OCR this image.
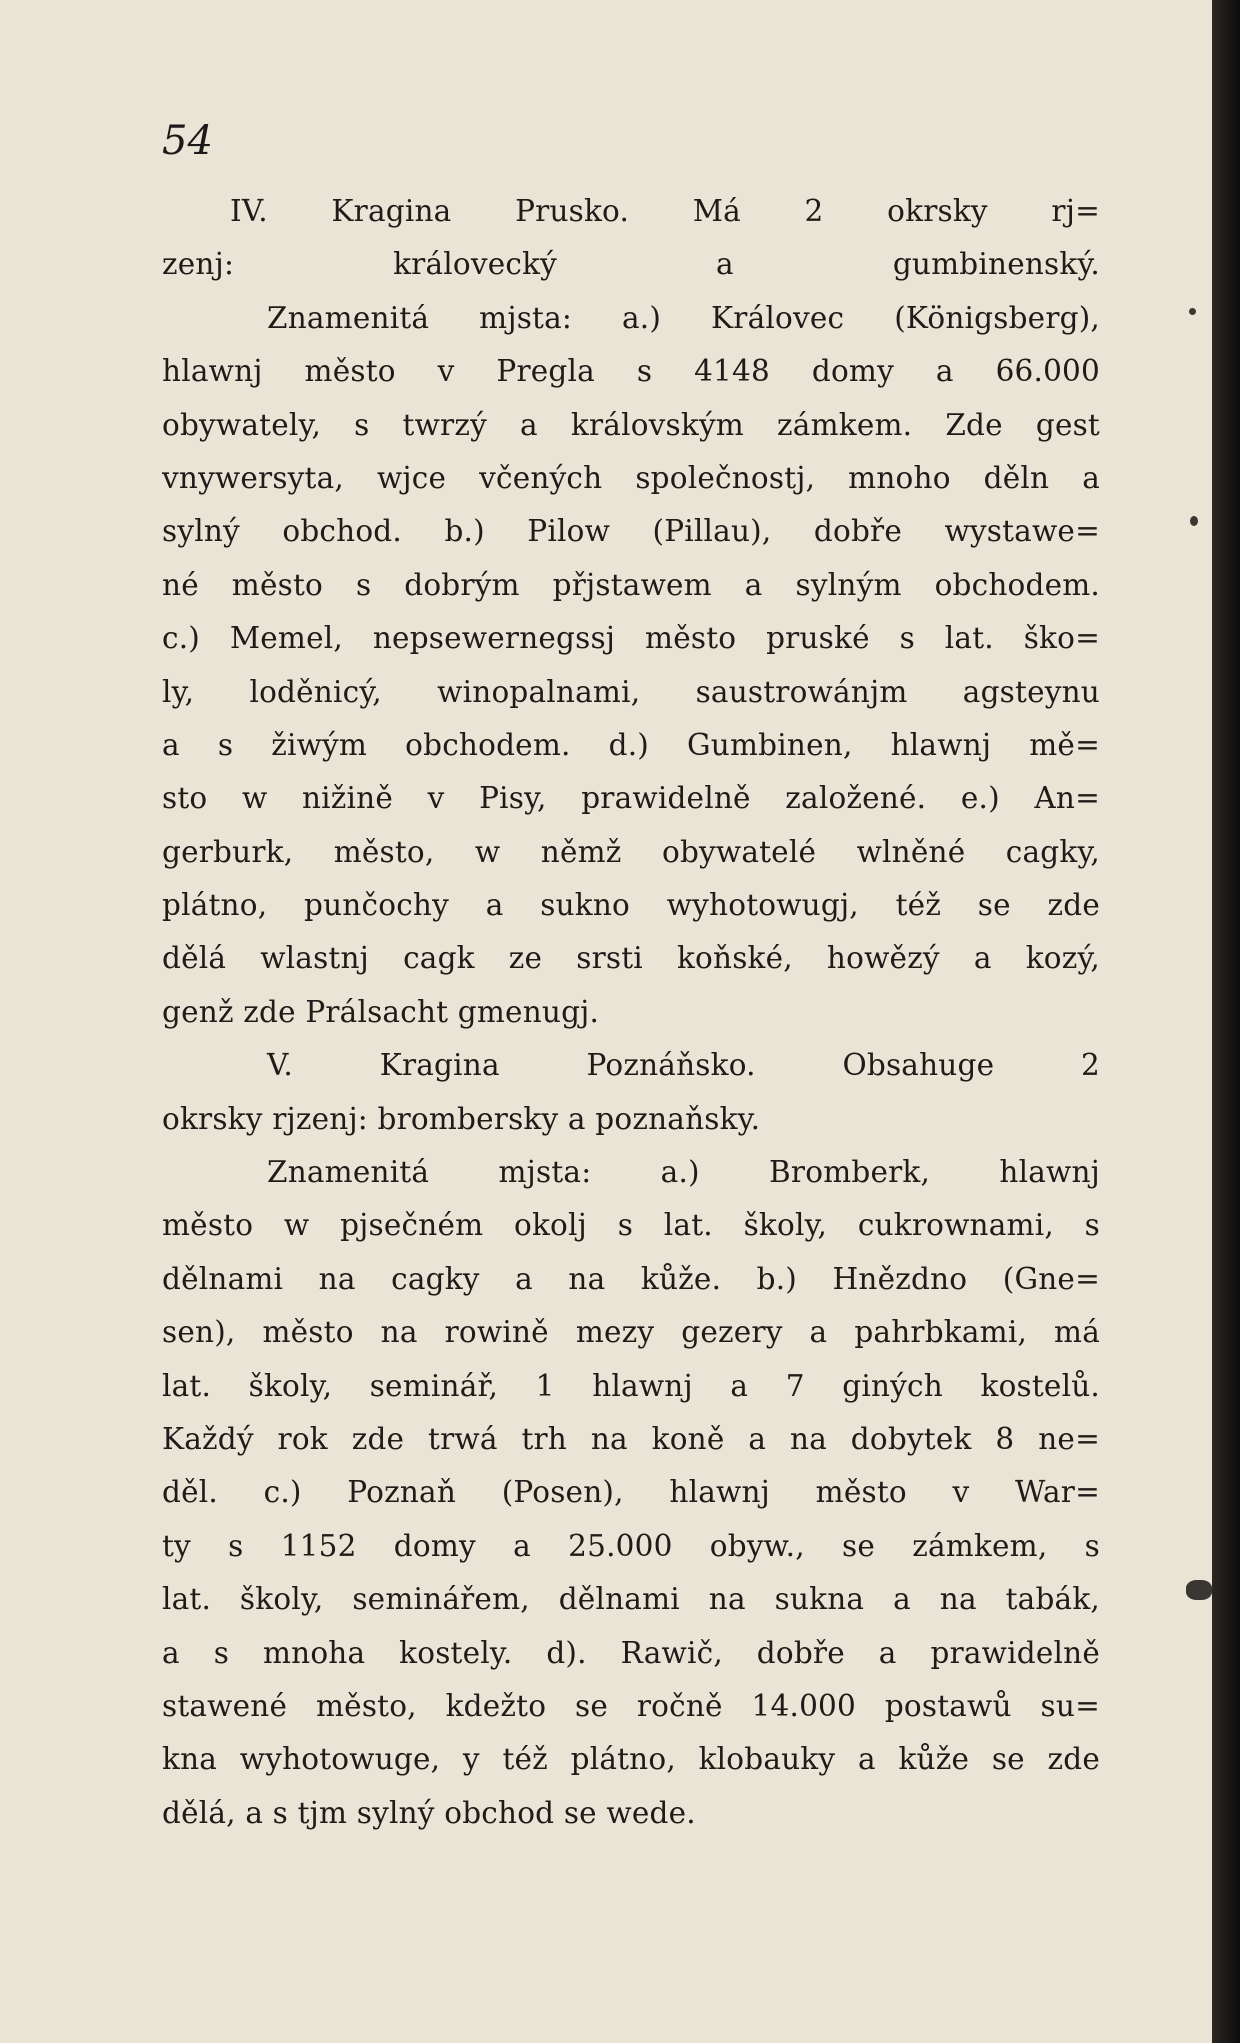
54
IV. Kragina Prusko. Má 2 okrsky rj=
zenj: královecký a gumbinenský.
Znamenitá mjsta: a.) Královec (Königsberg),
hlawnj město v Pregla s 4148 domy a 66.000
obywately, s twrzý a královským zámkem. Zde gest
vnywersyta, wjce včených společnostj, mnoho děln a
sylný obchod. b.) Pilow (Pillau), dobře wystawe=
né město s dobrým přjstawem a sylným obchodem.
c.) Memel, nepsewernegssj město pruské s lat. ško=
ly, loděnicý, winopalnami, saustrowánjm agsteynu
a s žiwým obchodem. d.) Gumbinen, hlawnj mě=
sto w nižině v Pisy, prawidelně založené. e.) An=
gerburk, město, w němž obywatelé wlněné cagky,
plátno, punčochy a sukno wyhotowugj, též se zde
dělá wlastnj cagk ze srsti koňské, howězý a kozý,
genž zde Prálsacht gmenugj.
V. Kragina Poznáňsko. Obsahuge 2
okrsky rjzenj: brombersky a poznaňsky.
Znamenitá mjsta: a.) Bromberk, hlawnj
město w pjsečném okolj s lat. školy, cukrownami, s
dělnami na cagky a na kůže. b.) Hnězdno (Gne=
sen), město na rowině mezy gezery a pahrbkami, má
lat. školy, seminář, 1 hlawnj a 7 giných kostelů.
Každý rok zde trwá trh na koně a na dobytek 8 ne=
děl. c.) Poznaň (Posen), hlawnj město v War=
ty s 1152 domy a 25.000 obyw., se zámkem, s
lat. školy, seminářem, dělnami na sukna a na tabák,
a s mnoha kostely. d). Rawič, dobře a prawidelně
stawené město, kdežto se ročně 14.000 postawů su=
kna wyhotowuge, y též plátno, klobauky a kůže se zde
dělá, a s tjm sylný obchod se wede.
